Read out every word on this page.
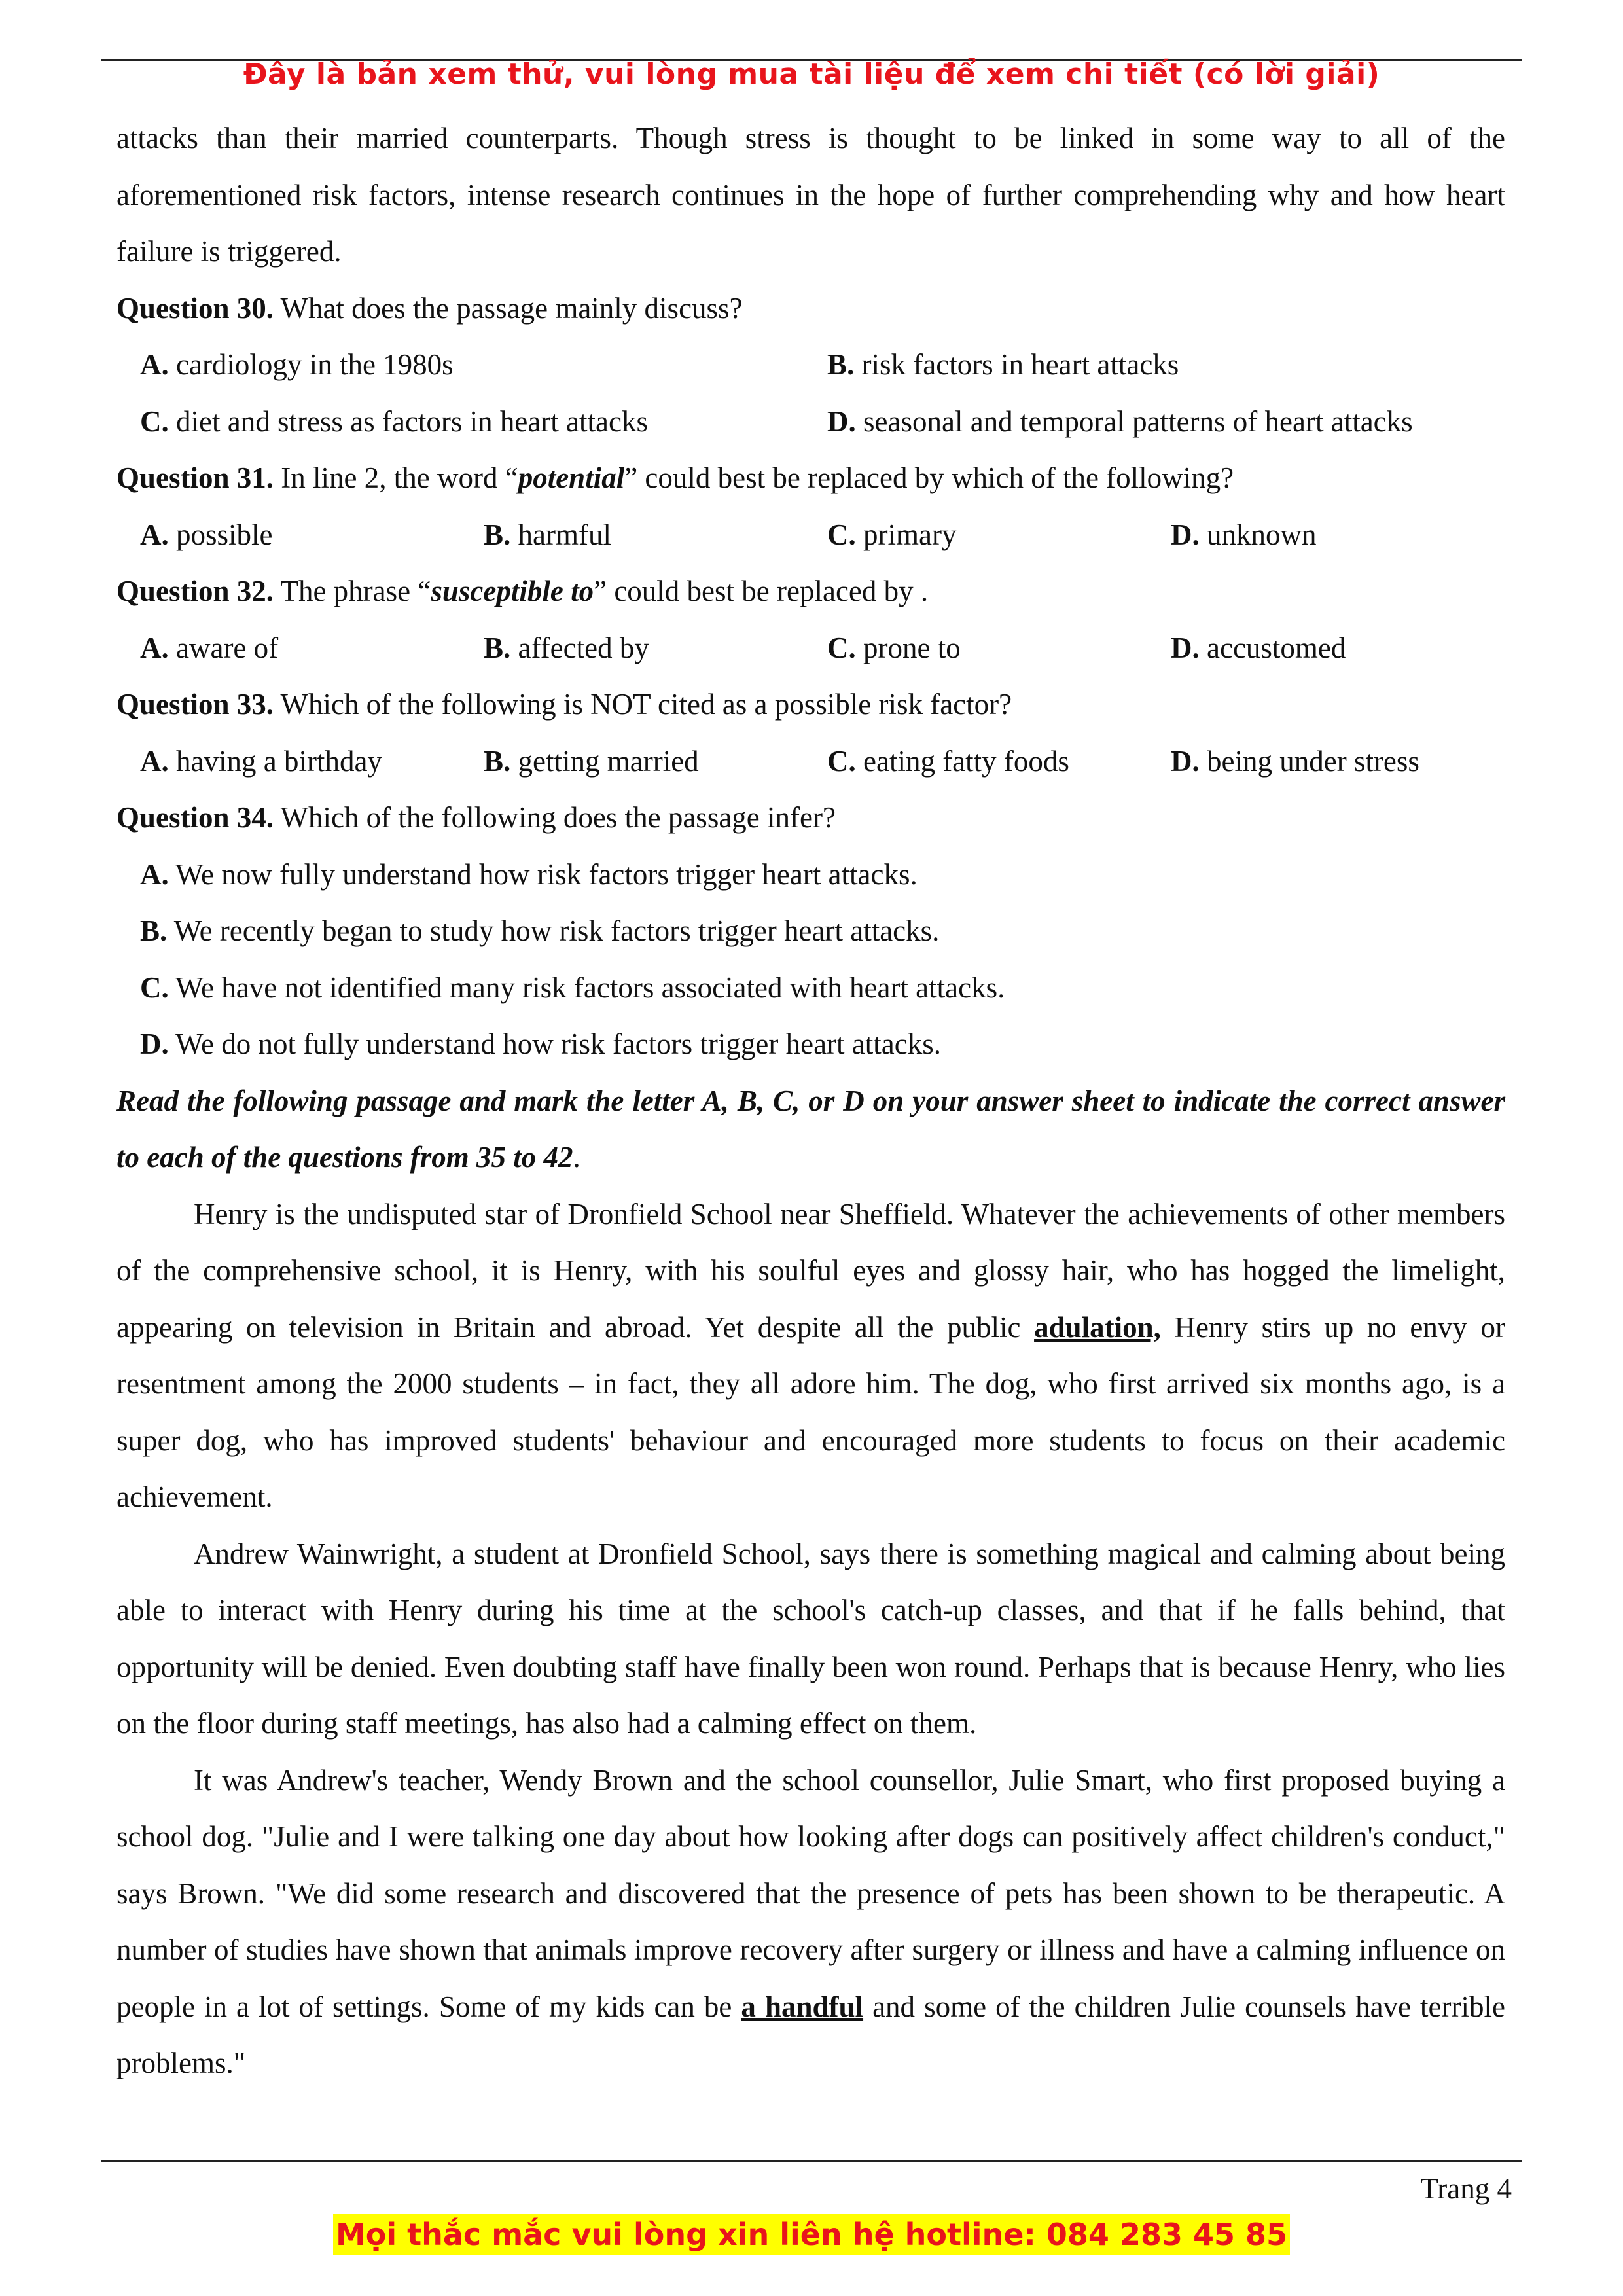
Đây là bản xem thử, vui lòng mua tài liệu để xem chi tiết (có lời giải)

attacks than their married counterparts. Though stress is thought to be linked in some way to all of the aforementioned risk factors, intense research continues in the hope of further comprehending why and how heart failure is triggered.

Question 30. What does the passage mainly discuss?

A. cardiology in the 1980s	B. risk factors in heart attacks
C. diet and stress as factors in heart attacks	D. seasonal and temporal patterns of heart attacks

Question 31. In line 2, the word “potential” could best be replaced by which of the following?

A. possible	B. harmful	C. primary	D. unknown

Question 32. The phrase “susceptible to” could best be replaced by .

A. aware of	B. affected by	C. prone to	D. accustomed

Question 33. Which of the following is NOT cited as a possible risk factor?

A. having a birthday	B. getting married	C. eating fatty foods	D. being under stress

Question 34. Which of the following does the passage infer?

A. We now fully understand how risk factors trigger heart attacks.
B. We recently began to study how risk factors trigger heart attacks.
C. We have not identified many risk factors associated with heart attacks.
D. We do not fully understand how risk factors trigger heart attacks.

Read the following passage and mark the letter A, B, C, or D on your answer sheet to indicate the correct answer to each of the questions from 35 to 42.

Henry is the undisputed star of Dronfield School near Sheffield. Whatever the achievements of other members of the comprehensive school, it is Henry, with his soulful eyes and glossy hair, who has hogged the limelight, appearing on television in Britain and abroad. Yet despite all the public adulation, Henry stirs up no envy or resentment among the 2000 students – in fact, they all adore him. The dog, who first arrived six months ago, is a super dog, who has improved students' behaviour and encouraged more students to focus on their academic achievement.

Andrew Wainwright, a student at Dronfield School, says there is something magical and calming about being able to interact with Henry during his time at the school's catch-up classes, and that if he falls behind, that opportunity will be denied. Even doubting staff have finally been won round. Perhaps that is because Henry, who lies on the floor during staff meetings, has also had a calming effect on them.

It was Andrew's teacher, Wendy Brown and the school counsellor, Julie Smart, who first proposed buying a school dog. "Julie and I were talking one day about how looking after dogs can positively affect children's conduct," says Brown. "We did some research and discovered that the presence of pets has been shown to be therapeutic. A number of studies have shown that animals improve recovery after surgery or illness and have a calming influence on people in a lot of settings. Some of my kids can be a handful and some of the children Julie counsels have terrible problems."

Trang 4
Mọi thắc mắc vui lòng xin liên hệ hotline: 084 283 45 85
